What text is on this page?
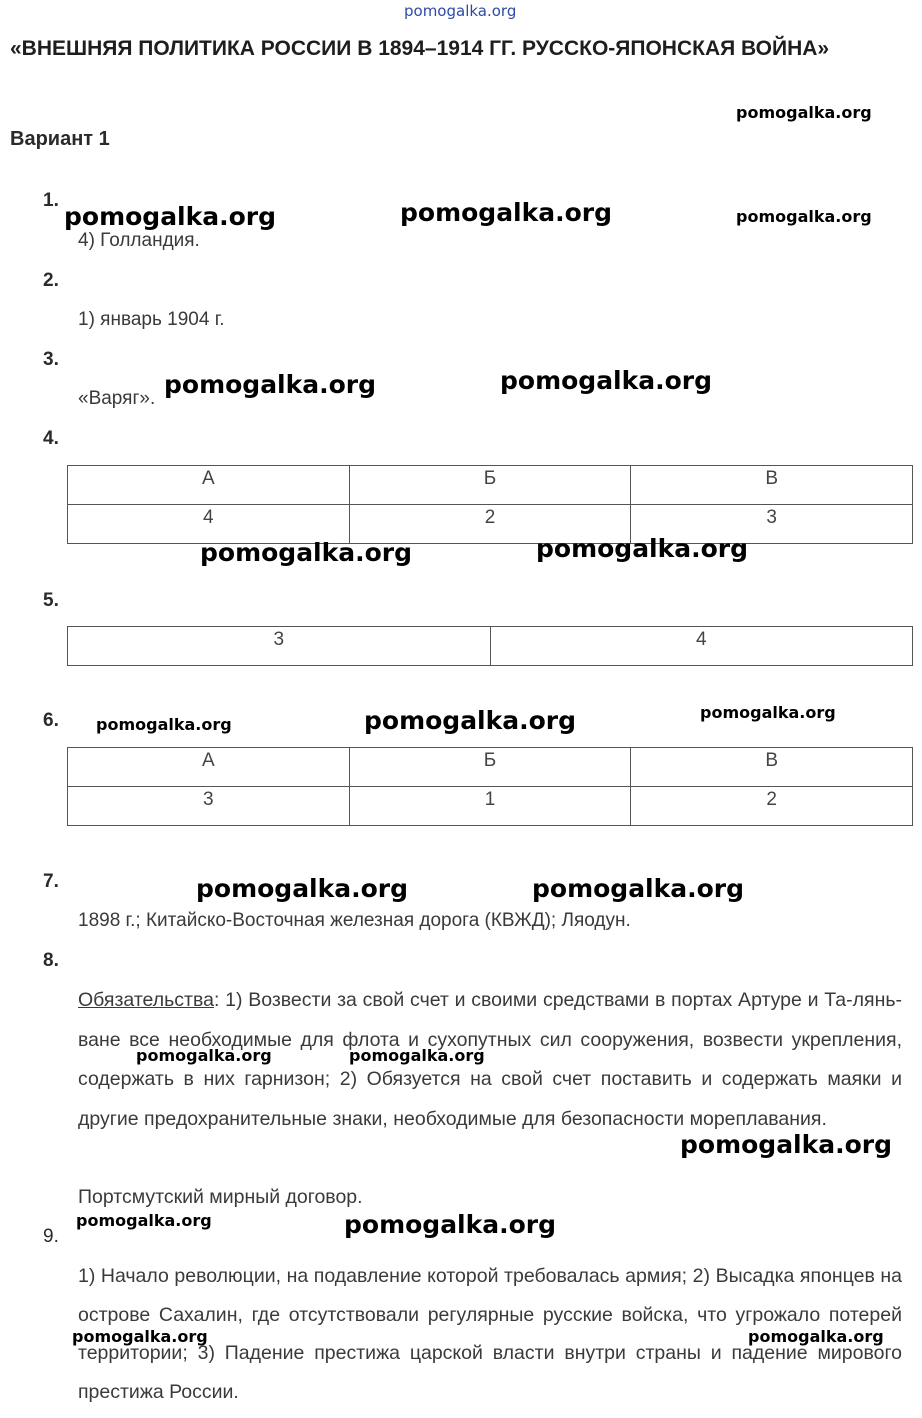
pomogalka.org
«ВНЕШНЯЯ ПОЛИТИКА РОССИИ В 1894–1914 ГГ. РУССКО-ЯПОНСКАЯ ВОЙНА»
Вариант 1
1.
4) Голландия.
2.
1) январь 1904 г.
3.
«Варяг».
4.
А	Б	В
4	2	3
5.
3	4
6.
А	Б	В
3	1	2
7.
1898 г.; Китайско-Восточная железная дорога (КВЖД); Ляодун.
8.
Обязательства: 1) Возвести за свой счет и своими средствами в портах Артуре и Та-лянь-ване все необходимые для флота и сухопутных сил сооружения, возвести укрепления, содержать в них гарнизон; 2) Обязуется на свой счет поставить и содержать маяки и другие предохранительные знаки, необходимые для безопасности мореплавания.
Портсмутский мирный договор.
9.
1) Начало революции, на подавление которой требовалась армия; 2) Высадка японцев на острове Сахалин, где отсутствовали регулярные русские войска, что угрожало потерей территории; 3) Падение престижа царской власти внутри страны и падение мирового престижа России.
pomogalka.org	pomogalka.org	pomogalka.org
pomogalka.org
pomogalka.org	pomogalka.org
pomogalka.org	pomogalka.org
pomogalka.org	pomogalka.org	pomogalka.org
pomogalka.org	pomogalka.org
pomogalka.org	pomogalka.org
pomogalka.org
pomogalka.org	pomogalka.org
pomogalka.org	pomogalka.org
